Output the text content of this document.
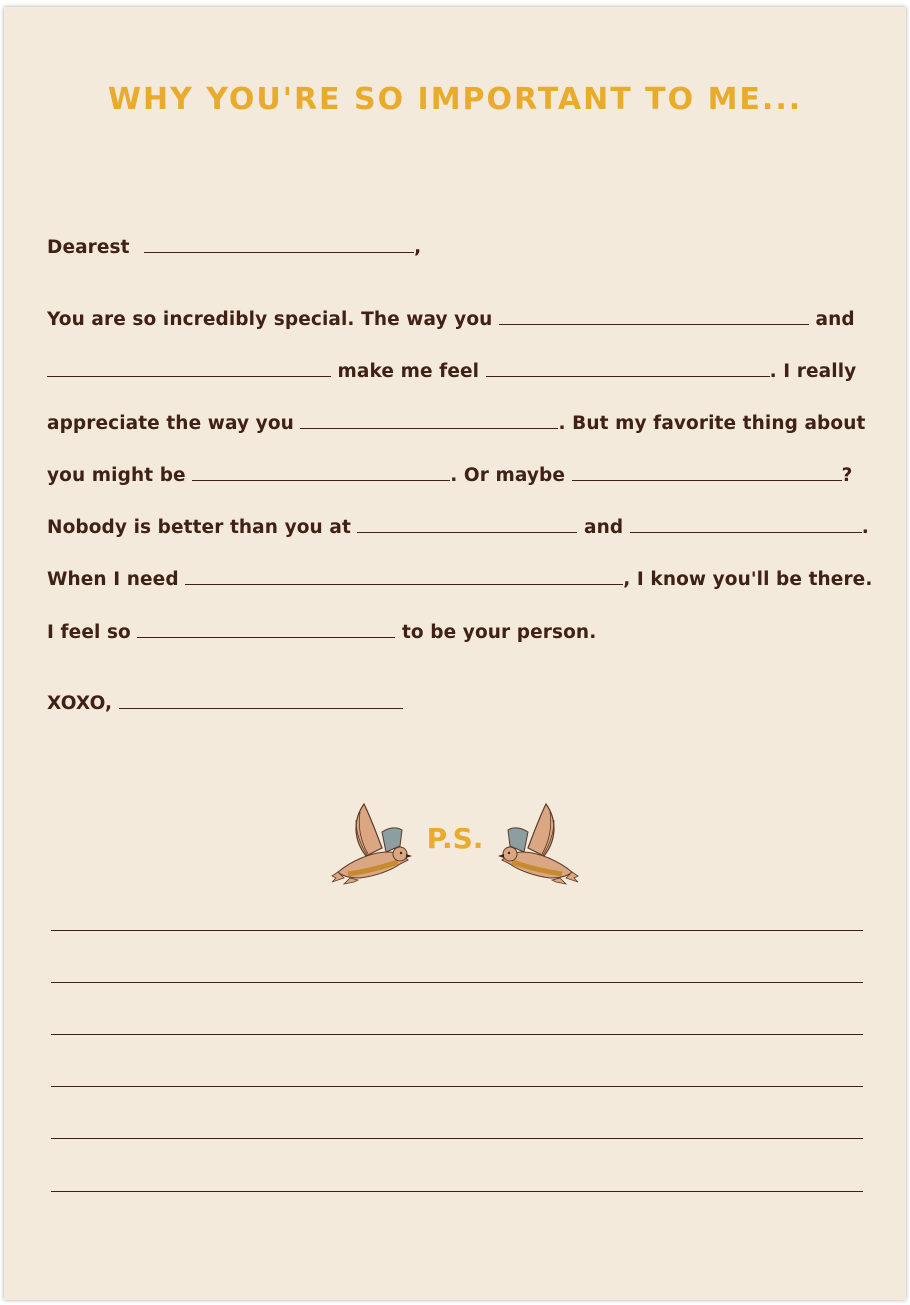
WHY YOU'RE SO IMPORTANT TO ME...
Dearest	,
You are so incredibly special. The way you	and
make me feel	. I really
appreciate the way you	. But my favorite thing about
you might be	. Or maybe	?
Nobody is better than you at	and	.
When I need	, I know you'll be there.
I feel so	to be your person.
XOXO,
P.S.
